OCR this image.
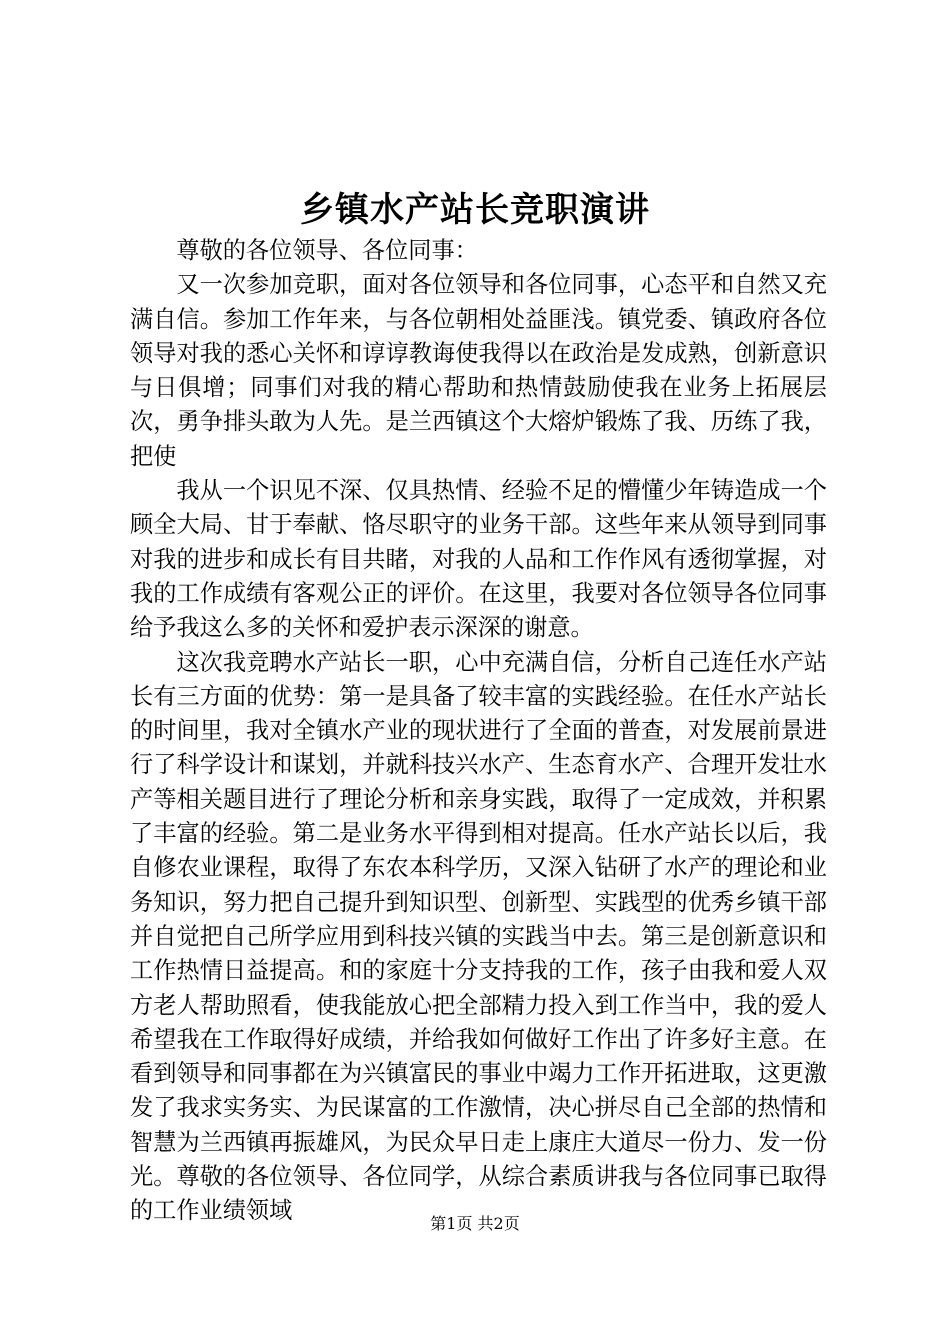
乡镇水产站长竞职演讲

尊敬的各位领导、各位同事：

又一次参加竞职，面对各位领导和各位同事，心态平和自然又充满自信。参加工作年来，与各位朝相处益匪浅。镇党委、镇政府各位领导对我的悉心关怀和谆谆教诲使我得以在政治是发成熟，创新意识与日俱增；同事们对我的精心帮助和热情鼓励使我在业务上拓展层次，勇争排头敢为人先。是兰西镇这个大熔炉锻炼了我、历练了我，把使

我从一个识见不深、仅具热情、经验不足的懵懂少年铸造成一个顾全大局、甘于奉献、恪尽职守的业务干部。这些年来从领导到同事对我的进步和成长有目共睹，对我的人品和工作作风有透彻掌握，对我的工作成绩有客观公正的评价。在这里，我要对各位领导各位同事给予我这么多的关怀和爱护表示深深的谢意。

这次我竞聘水产站长一职，心中充满自信，分析自己连任水产站长有三方面的优势：第一是具备了较丰富的实践经验。在任水产站长的时间里，我对全镇水产业的现状进行了全面的普查，对发展前景进行了科学设计和谋划，并就科技兴水产、生态育水产、合理开发壮水产等相关题目进行了理论分析和亲身实践，取得了一定成效，并积累了丰富的经验。第二是业务水平得到相对提高。任水产站长以后，我自修农业课程，取得了东农本科学历，又深入钻研了水产的理论和业务知识，努力把自己提升到知识型、创新型、实践型的优秀乡镇干部并自觉把自己所学应用到科技兴镇的实践当中去。第三是创新意识和工作热情日益提高。和的家庭十分支持我的工作，孩子由我和爱人双方老人帮助照看，使我能放心把全部精力投入到工作当中，我的爱人希望我在工作取得好成绩，并给我如何做好工作出了许多好主意。在看到领导和同事都在为兴镇富民的事业中竭力工作开拓进取，这更激发了我求实务实、为民谋富的工作激情，决心拼尽自己全部的热情和智慧为兰西镇再振雄风，为民众早日走上康庄大道尽一份力、发一份光。尊敬的各位领导、各位同学，从综合素质讲我与各位同事已取得的工作业绩领域	第1页 共2页
